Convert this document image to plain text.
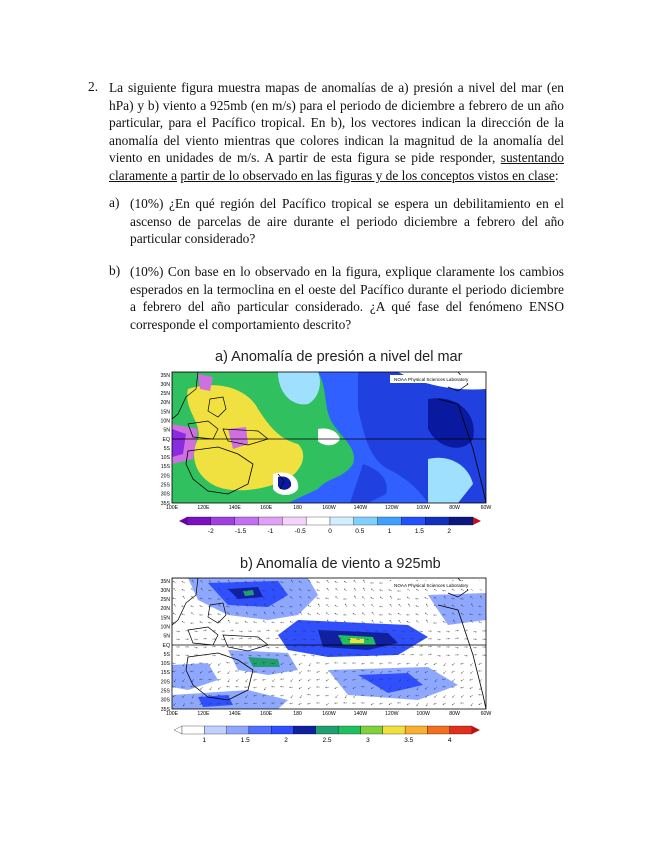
2. La siguiente figura muestra mapas de anomalías de a) presión a nivel del mar (en hPa) y b) viento a 925mb (en m/s) para el periodo de diciembre a febrero de un año particular, para el Pacífico tropical. En b), los vectores indican la dirección de la anomalía del viento mientras que colores indican la magnitud de la anomalía del viento en unidades de m/s. A partir de esta figura se pide responder, sustentando claramente a partir de lo observado en las figuras y de los conceptos vistos en clase:
a) (10%) ¿En qué región del Pacífico tropical se espera un debilitamiento en el ascenso de parcelas de aire durante el periodo diciembre a febrero del año particular considerado?
b) (10%) Con base en lo observado en la figura, explique claramente los cambios esperados en la termoclina en el oeste del Pacífico durante el periodo diciembre a febrero del año particular considerado. ¿A qué fase del fenómeno ENSO corresponde el comportamiento descrito?
a) Anomalía de presión a nivel del mar
NOAA Physical Sciences Laboratory
35N
30N
25N
20N
15N
10N
5N
EQ
5S
10S
15S
20S
25S
30S
35S
100E	120E	140E	160E	180	160W	140W	120W	100W	80W	60W
-2	-1.5	-1	-0.5	0	0.5	1	1.5	2
b) Anomalía de viento a 925mb
NOAA Physical Sciences Laboratory
35N
30N
25N
20N
15N
10N
5N
EQ
5S
10S
15S
20S
25S
30S
35S
100E	120E	140E	160E	180	160W	140W	120W	100W	80W	60W
1	1.5	2	2.5	3	3.5	4
